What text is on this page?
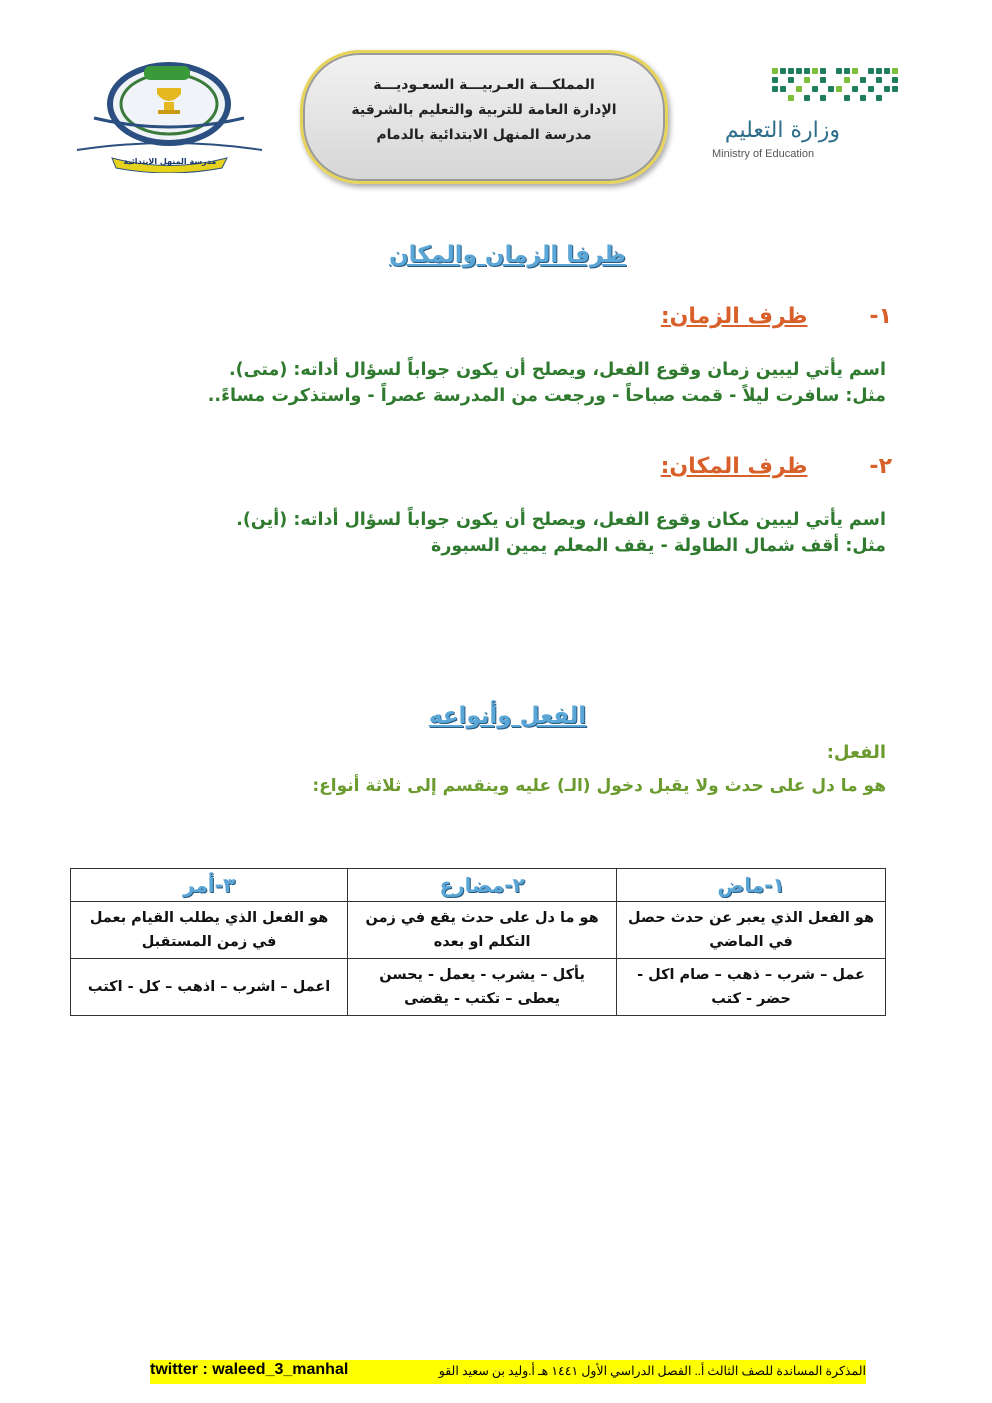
وزارة التعليم
Ministry of Education
المملكـــة العـربيـــة السعـوديـــة
الإدارة العامة للتربية والتعليم بالشرقية
مدرسة المنهل الابتدائية بالدمام
مدرسة المنهل الابتدائية
ظرفا الزمان والمكان
١-ظرف الزمان:
اسم يأتي ليبين زمان وقوع الفعل، ويصلح أن يكون جواباً لسؤال أداته: (متى).
مثل: سافرت ليلاً - قمت صباحاً - ورجعت من المدرسة عصراً - واستذكرت مساءً..
٢-ظرف المكان:
اسم يأتي ليبين مكان وقوع الفعل، ويصلح أن يكون جواباً لسؤال أداته: (أين).
مثل: أقف شمال الطاولة - يقف المعلم يمين السبورة
الفعل وأنواعه
الفعل:
هو ما دل على حدث ولا يقبل دخول (الـ) عليه وينقسم إلى ثلاثة أنواع:
١-ماض	٢-مضارع	٣-أمر
هو الفعل الذي يعبر عن حدث حصل في الماضي	هو ما دل على حدث يقع في زمن التكلم او بعده	هو الفعل الذي يطلب القيام بعمل في زمن المستقبل
عمل – شرب – ذهب – صام اكل - حضر - كتب	يأكل – يشرب - يعمل - يحسن يعطى – تكتب - يقضى	اعمل – اشرب – اذهب – كل - اكتب
twitter : waleed_3_manhal	المذكرة المساندة للصف الثالث أ.. الفصل الدراسي الأول ١٤٤١ هـ أ.وليد بن سعيد القو
